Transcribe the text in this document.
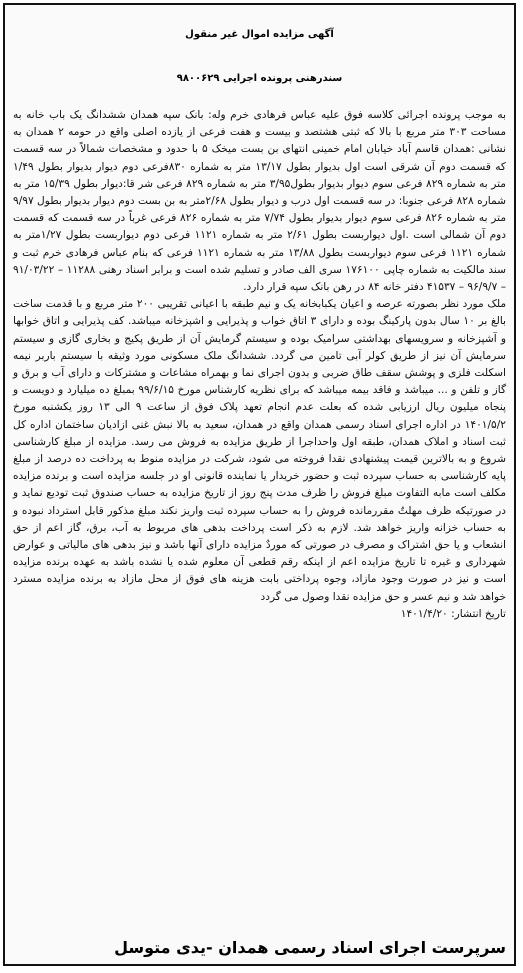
آگهی مزایده اموال غیر منقول
سندرهنی پرونده اجرایی ۹۸۰۰۶۲۹

به موجب پرونده اجرائی کلاسه فوق علیه عباس فرهادی خرم وله: بانک سپه همدان ششدانگ یک باب خانه به مساحت ۳۰۳ متر مربع با بالا که ثبتی هشتصد و بیست و هفت فرعی از یازده اصلی واقع در حومه ۲ همدان به نشانی :همدان قاسم آباد خیابان امام خمینی انتهای بن بست میخک ۵ با حدود و مشخصات شمالاً در سه قسمت که قسمت دوم آن شرقی است اول بدیوار بطول ۱۳/۱۷ متر به شماره ۸۳۰فرعی دوم دیوار بدیوار بطول ۱/۴۹ متر به شماره ۸۲۹ فرعی سوم دیوار بدیوار بطول۳/۹۵ متر به شماره ۸۲۹ فرعی شر قا:دیوار بطول ۱۵/۳۹ متر به شماره ۸۲۸ فرعی جنوبا: در سه قسمت اول درب و دیوار بطول ۲/۶۸متر به بن بست دوم دیوار بدیوار بطول ۹/۹۷ متر به شماره ۸۲۶ فرعی سوم دیوار بدیوار بطول ۷/۷۴ متر به شماره ۸۲۶ فرعی غرباً در سه قسمت که قسمت دوم آن شمالی است .اول دیواربست بطول ۲/۶۱ متر به شماره ۱۱۲۱ فرعی دوم دیواربست بطول ۱/۲۷متر به شماره ۱۱۲۱ فرعی سوم دیواربست بطول ۱۳/۸۸ متر به شماره ۱۱۲۱ فرعی که بنام عباس فرهادی خرم ثبت و سند مالکیت به شماره چاپی ۱۷۶۱۰۰ سری الف صادر و تسلیم شده است و برابر اسناد رهنی ۱۱۲۸۸ – ۹۱/۰۳/۲۲ – ۹۶/۹/۷ – ۴۱۵۳۷ دفتر خانه ۸۴ در رهن بانک سپه قرار دارد.

ملک مورد نظر بصورته عرصه و اعیان یکبابخانه یک و نیم طبقه با اعیانی تقریبی ۲۰۰ متر مربع و با قدمت ساخت بالغ بر ۱۰ سال بدون پارکینگ بوده و دارای ۳ اتاق خواب و پذیرایی و اشپزخانه میباشد. کف پذیرایی و اتاق خوابها و آشپزخانه و سرویسهای بهداشتی سرامیک بوده و سیستم گرمایش آن از طریق پکیج و بخاری گازی و سیستم سرمایش آن نیز از طریق کولر آبی تامین می گردد. ششدانگ ملک مسکونی مورد وثیقه با سیستم باربر نیمه اسکلت فلزی و پوشش سقف طاق ضربی و بدون اجرای نما و بهمراه مشاعات و مشترکات و دارای آب و برق و گاز و تلفن و ... میباشد و فاقد بیمه میباشد که برای نظریه کارشناس مورخ ۹۹/۶/۱۵ بمبلغ ده میلیارد و دویست و پنجاه میلیون ریال ارزیابی شده که بعلت عدم انجام تعهد پلاک فوق از ساعت ۹ الی ۱۳ روز یکشنبه مورخ ۱۴۰۱/۵/۲ در اداره اجرای اسناد رسمی همدان واقع در همدان، سعید به بالا نبش غنی ازادیان ساختمان اداره کل ثبت اسناد و املاک همدان، طبقه اول واحداجرا از طریق مزایده به فروش می رسد. مزایده از مبلغ کارشناسی شروع و به بالاترین قیمت پیشنهادی نقدا فروخته می شود، شرکت در مزایده منوط به پرداخت ده درصد از مبلغ پایه کارشناسی به حساب سپرده ثبت و حضور خریدار یا نماینده قانونی او در جلسه مزایده است و برنده مزایده مکلف است مابه التفاوت مبلغ فروش را ظرف مدت پنج روز از تاریخ مزایده به حساب صندوق ثبت تودیع نماید و در صورتیکه ظرف مهلتٌ مقررمانده فروش را به حساب سپرده ثبت واریز نکند مبلغ مذکور قابل استرداد نبوده و به حساب خزانه واریز خواهد شد. لازم به ذکر است پرداخت بدهی های مربوط به آب، برق، گاز اعم از حق انشعاب و یا حق اشتراک و مصرف در صورتی که موردٌ مزایده دارای آنها باشد و نیز بدهی های مالیاتی و عوارض شهرداری و غیره تا تاریخ مزایده اعم از اینکه رقم قطعی آن معلوم شده یا نشده باشد به عهده برنده مزایده است و نیز در صورت وجود مازاد، وجوه پرداختی بابت هزینه های فوق از محل مازاد به برنده مزایده مسترد خواهد شد و نیم عسر و حق مزایده نقدا وصول می گردد

تاریخ انتشار: ۱۴۰۱/۴/۲۰
سرپرست اجرای اسناد رسمی همدان -یدی متوسل
